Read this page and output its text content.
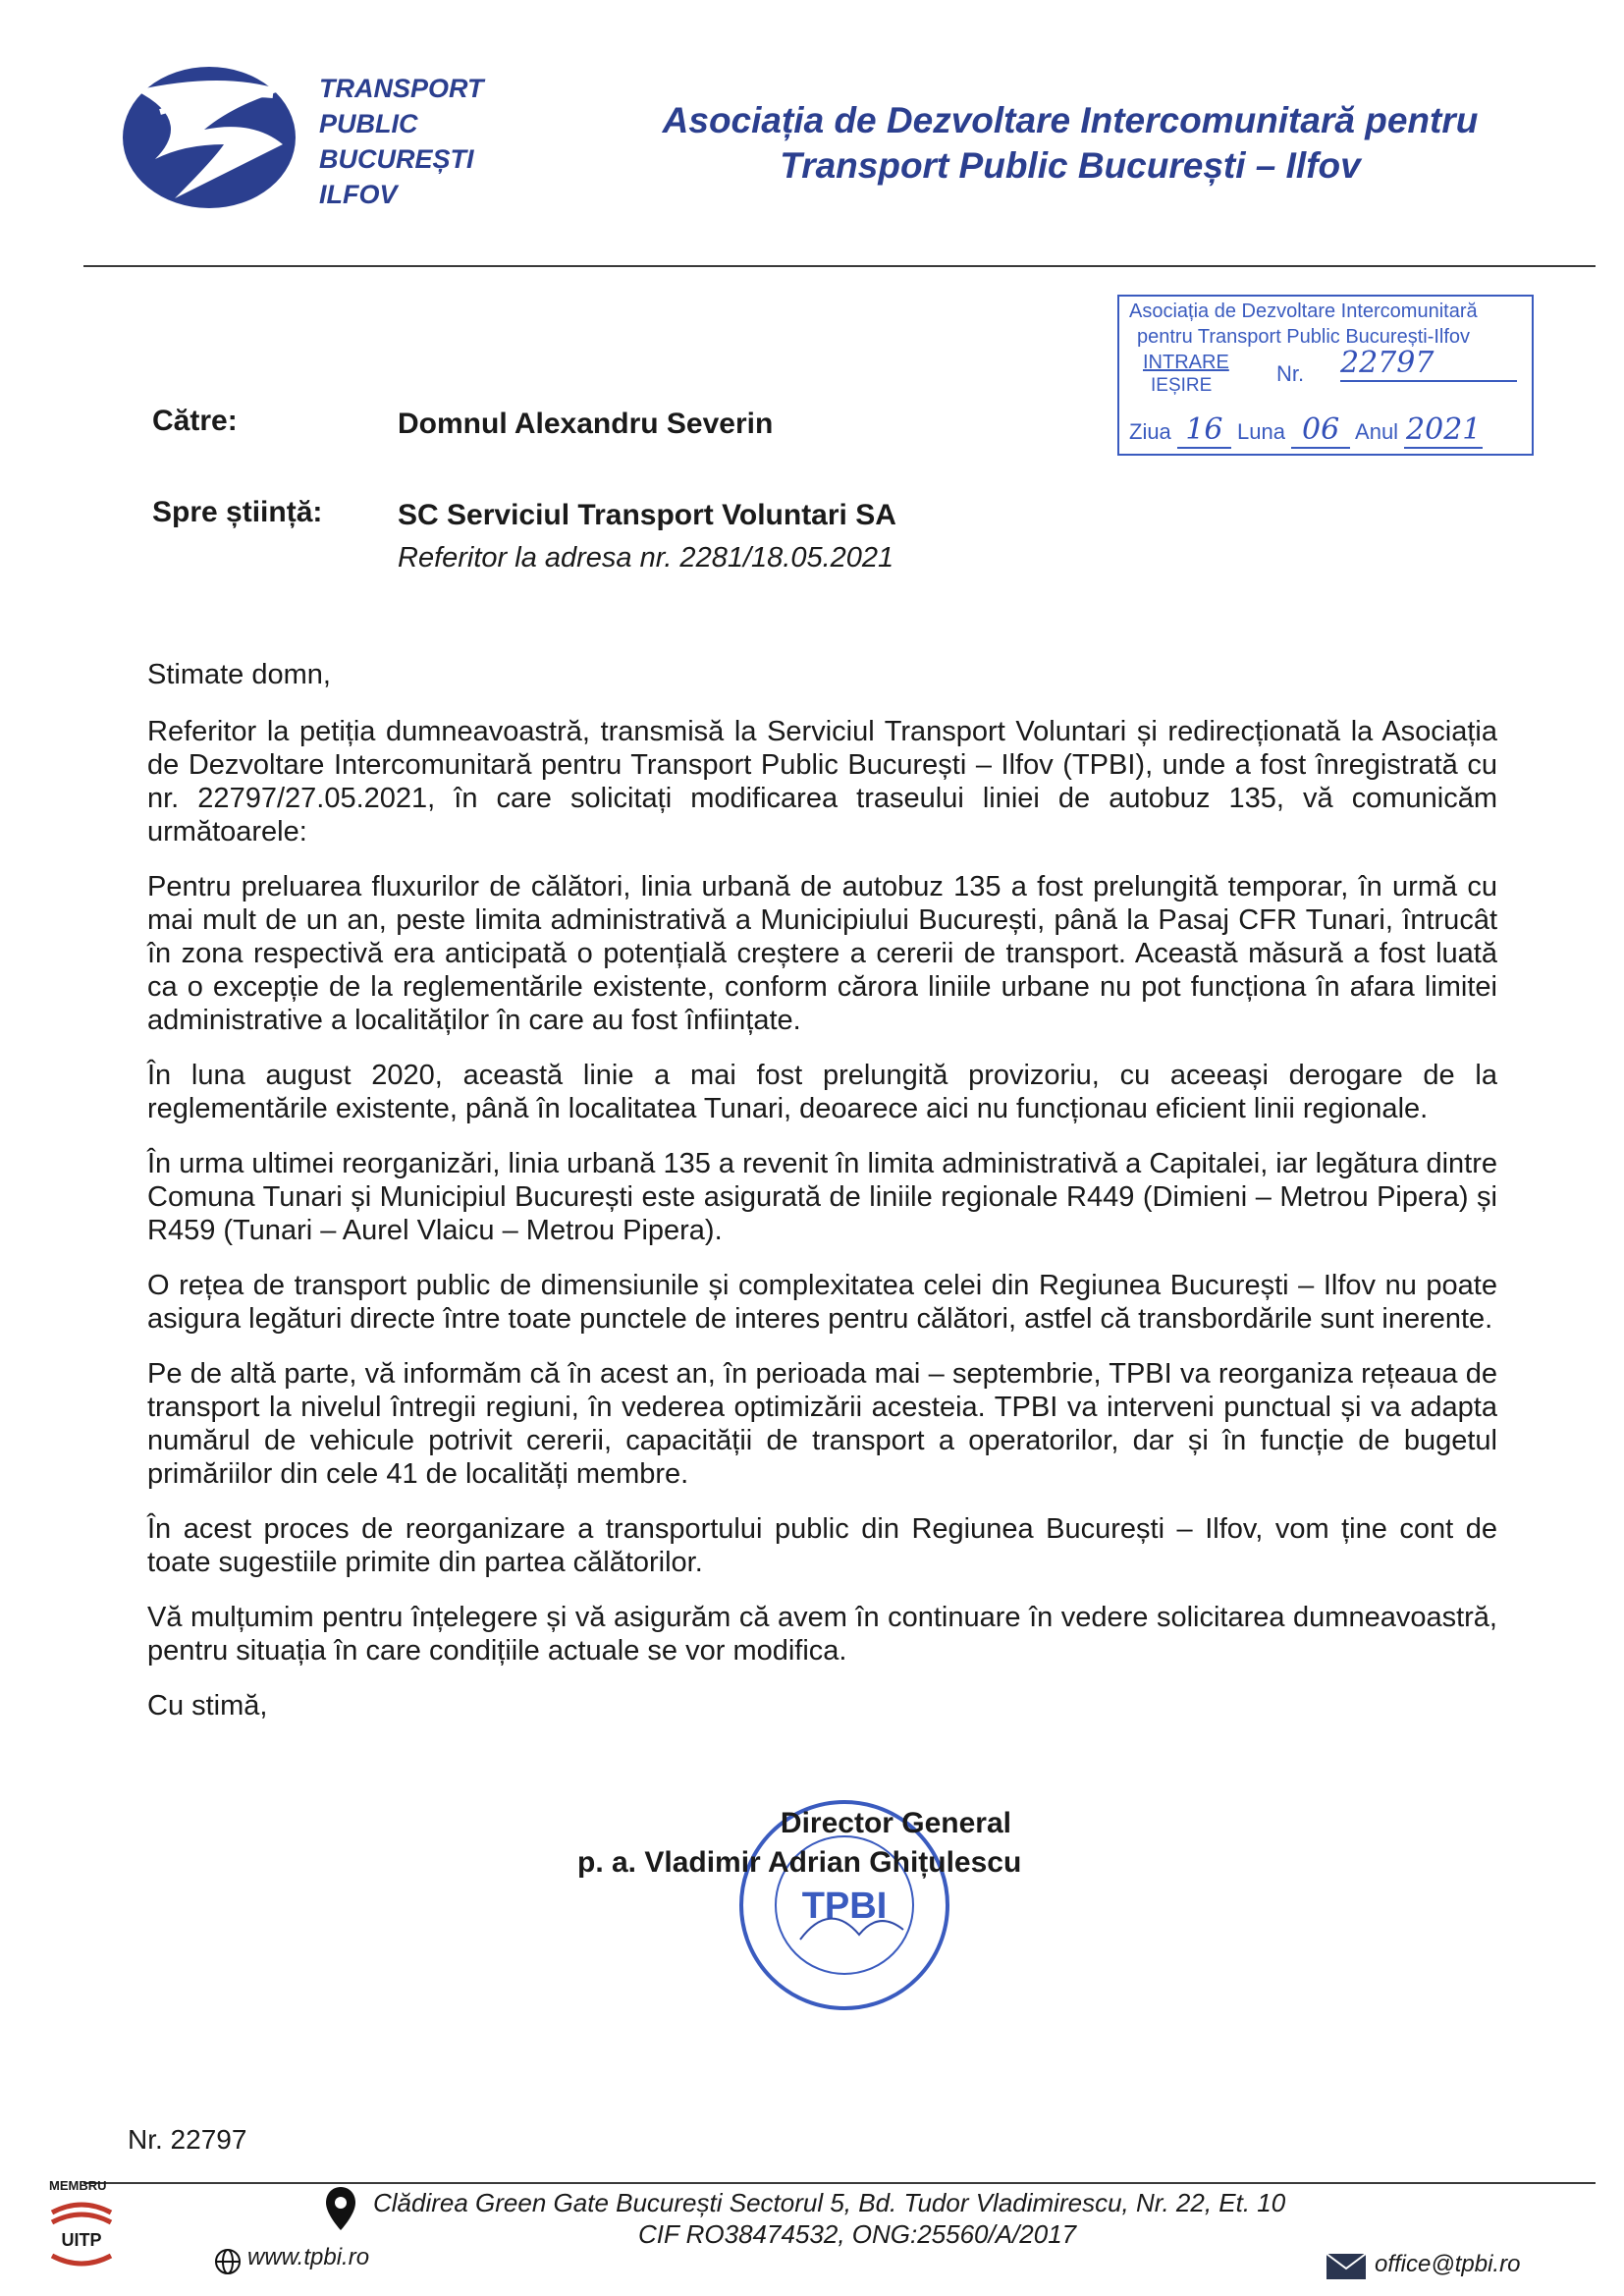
TRANSPORT
PUBLIC
BUCUREȘTI
ILFOV
Asociația de Dezvoltare Intercomunitară pentru
Transport Public București – Ilfov
Asociația de Dezvoltare Intercomunitară
pentru Transport Public București-Ilfov
INTRARE
IEȘIRE	Nr. 22797
Ziua 16 Luna 06 Anul 2021
Către:	Domnul Alexandru Severin
Spre știință:	SC Serviciul Transport Voluntari SA
Referitor la adresa nr. 2281/18.05.2021

Stimate domn,

Referitor la petiția dumneavoastră, transmisă la Serviciul Transport Voluntari și redirecționată la Asociația de Dezvoltare Intercomunitară pentru Transport Public București – Ilfov (TPBI), unde a fost înregistrată cu nr. 22797/27.05.2021, în care solicitați modificarea traseului liniei de autobuz 135, vă comunicăm următoarele:

Pentru preluarea fluxurilor de călători, linia urbană de autobuz 135 a fost prelungită temporar, în urmă cu mai mult de un an, peste limita administrativă a Municipiului București, până la Pasaj CFR Tunari, întrucât în zona respectivă era anticipată o potențială creștere a cererii de transport. Această măsură a fost luată ca o excepție de la reglementările existente, conform cărora liniile urbane nu pot funcționa în afara limitei administrative a localităților în care au fost înființate.

În luna august 2020, această linie a mai fost prelungită provizoriu, cu aceeași derogare de la reglementările existente, până în localitatea Tunari, deoarece aici nu funcționau eficient linii regionale.

În urma ultimei reorganizări, linia urbană 135 a revenit în limita administrativă a Capitalei, iar legătura dintre Comuna Tunari și Municipiul București este asigurată de liniile regionale R449 (Dimieni – Metrou Pipera) și R459 (Tunari – Aurel Vlaicu – Metrou Pipera).

O rețea de transport public de dimensiunile și complexitatea celei din Regiunea București – Ilfov nu poate asigura legături directe între toate punctele de interes pentru călători, astfel că transbordările sunt inerente.

Pe de altă parte, vă informăm că în acest an, în perioada mai – septembrie, TPBI va reorganiza rețeaua de transport la nivelul întregii regiuni, în vederea optimizării acesteia. TPBI va interveni punctual și va adapta numărul de vehicule potrivit cererii, capacității de transport a operatorilor, dar și în funcție de bugetul primăriilor din cele 41 de localități membre.

În acest proces de reorganizare a transportului public din Regiunea București – Ilfov, vom ține cont de toate sugestiile primite din partea călătorilor.

Vă mulțumim pentru înțelegere și vă asigurăm că avem în continuare în vedere solicitarea dumneavoastră, pentru situația în care condițiile actuale se vor modifica.

Cu stimă,

TPBI
Director General
p. a. Vladimir Adrian Ghițulescu
Nr. 22797
MEMBRU
UITP
Clădirea Green Gate București Sectorul 5, Bd. Tudor Vladimirescu, Nr. 22, Et. 10
CIF RO38474532, ONG:25560/A/2017
www.tpbi.ro	office@tpbi.ro
